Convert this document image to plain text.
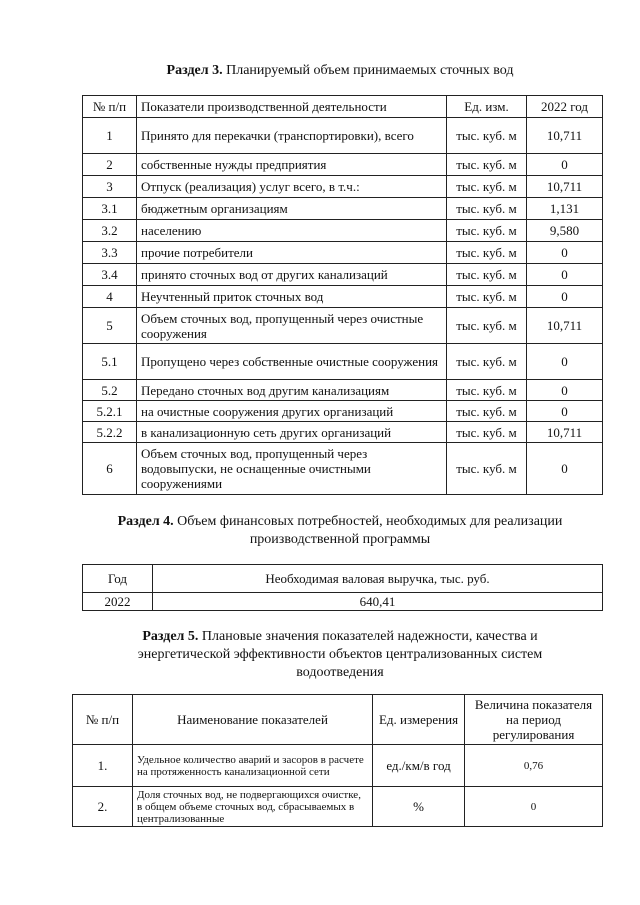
Раздел 3. Планируемый объем принимаемых сточных вод
№ п/п	Показатели производственной деятельности	Ед. изм.	2022 год
1	Принято для перекачки (транспортировки), всего	тыс. куб. м	10,711
2	собственные нужды предприятия	тыс. куб. м	0
3	Отпуск (реализация) услуг всего, в т.ч.:	тыс. куб. м	10,711
3.1	бюджетным организациям	тыс. куб. м	1,131
3.2	населению	тыс. куб. м	9,580
3.3	прочие потребители	тыс. куб. м	0
3.4	принято сточных вод от других канализаций	тыс. куб. м	0
4	Неучтенный приток сточных вод	тыс. куб. м	0
5	Объем сточных вод, пропущенный через очистные сооружения	тыс. куб. м	10,711
5.1	Пропущено через собственные очистные сооружения	тыс. куб. м	0
5.2	Передано сточных вод другим канализациям	тыс. куб. м	0
5.2.1	на очистные сооружения других организаций	тыс. куб. м	0
5.2.2	в канализационную сеть других организаций	тыс. куб. м	10,711
6	Объем сточных вод, пропущенный через водовыпуски, не оснащенные очистными сооружениями	тыс. куб. м	0
Раздел 4. Объем финансовых потребностей, необходимых для реализации производственной программы
Год	Необходимая валовая выручка, тыс. руб.
2022	640,41
Раздел 5. Плановые значения показателей надежности, качества и энергетической эффективности объектов централизованных систем водоотведения
№ п/п	Наименование показателей	Ед. измерения	Величина показателя на период регулирования
1.	Удельное количество аварий и засоров в расчете на протяженность канализационной сети	ед./км/в год	0,76
2.	Доля сточных вод, не подвергающихся очистке, в общем объеме сточных вод, сбрасываемых в централизованные	%	0
